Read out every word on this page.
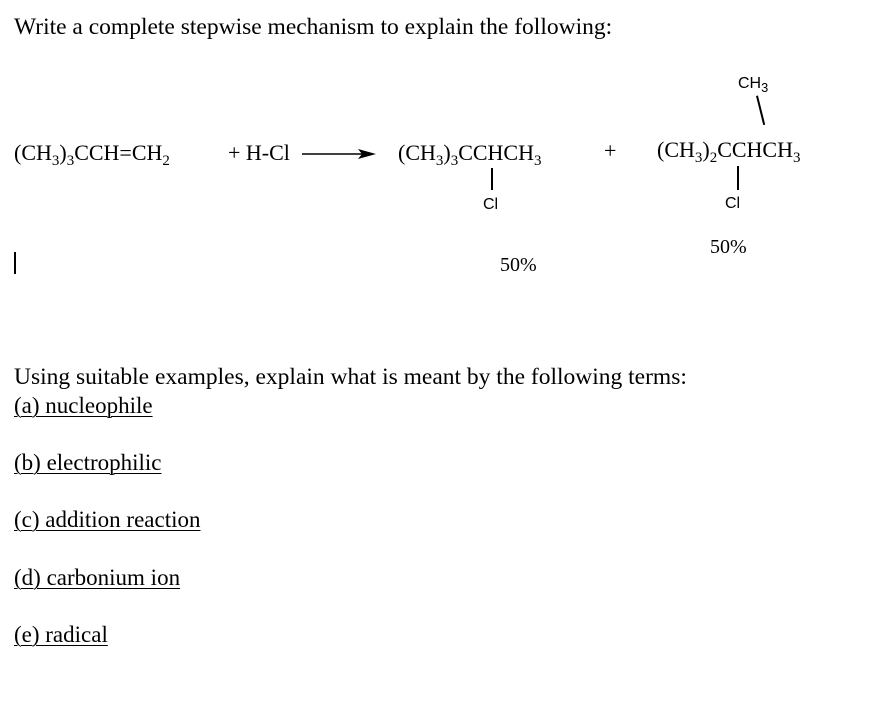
Write a complete stepwise mechanism to explain the following:
$(CH_3)_3CCH=CH_2$	+ H-Cl	$(CH_3)_3CCHCH_3$
Cl
50%
+
$CH_3$
$(CH_3)_2CCHCH_3$
Cl
50%
Using suitable examples, explain what is meant by the following terms:
(a) nucleophile
(b) electrophilic
(c) addition reaction
(d) carbonium ion
(e) radical
